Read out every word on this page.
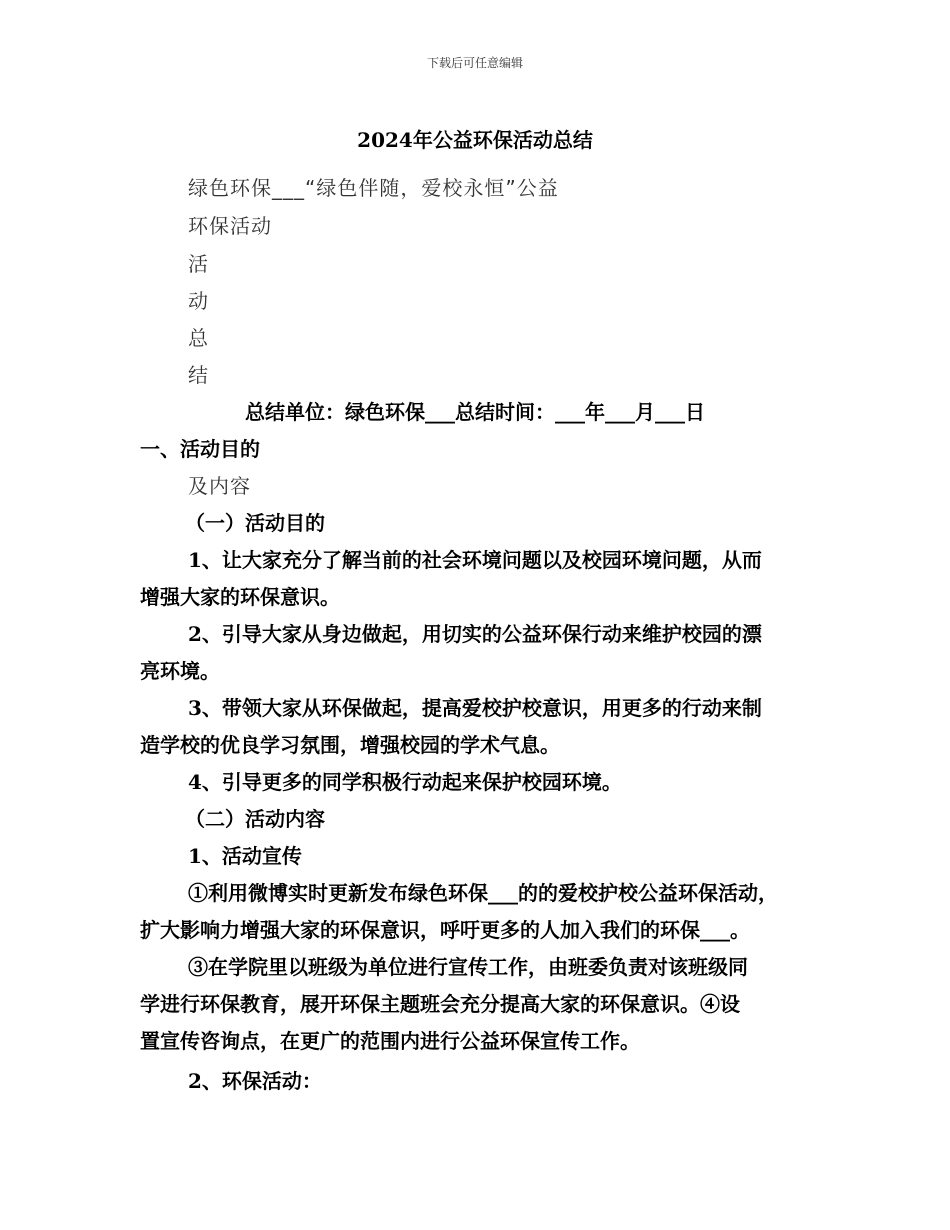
下载后可任意编辑
2024年公益环保活动总结
绿色环保___“绿色伴随，爱校永恒”公益
环保活动
活
动
总
结
总结单位：绿色环保___总结时间：___年___月___日
一、活动目的
及内容
（一）活动目的
1、让大家充分了解当前的社会环境问题以及校园环境问题，从而
增强大家的环保意识。
2、引导大家从身边做起，用切实的公益环保行动来维护校园的漂
亮环境。
3、带领大家从环保做起，提高爱校护校意识，用更多的行动来制
造学校的优良学习氛围，增强校园的学术气息。
4、引导更多的同学积极行动起来保护校园环境。
（二）活动内容
1、活动宣传
①利用微博实时更新发布绿色环保___的的爱校护校公益环保活动，
扩大影响力增强大家的环保意识，呼吁更多的人加入我们的环保___。
③在学院里以班级为单位进行宣传工作，由班委负责对该班级同
学进行环保教育，展开环保主题班会充分提高大家的环保意识。④设
置宣传咨询点，在更广的范围内进行公益环保宣传工作。
2、环保活动：
